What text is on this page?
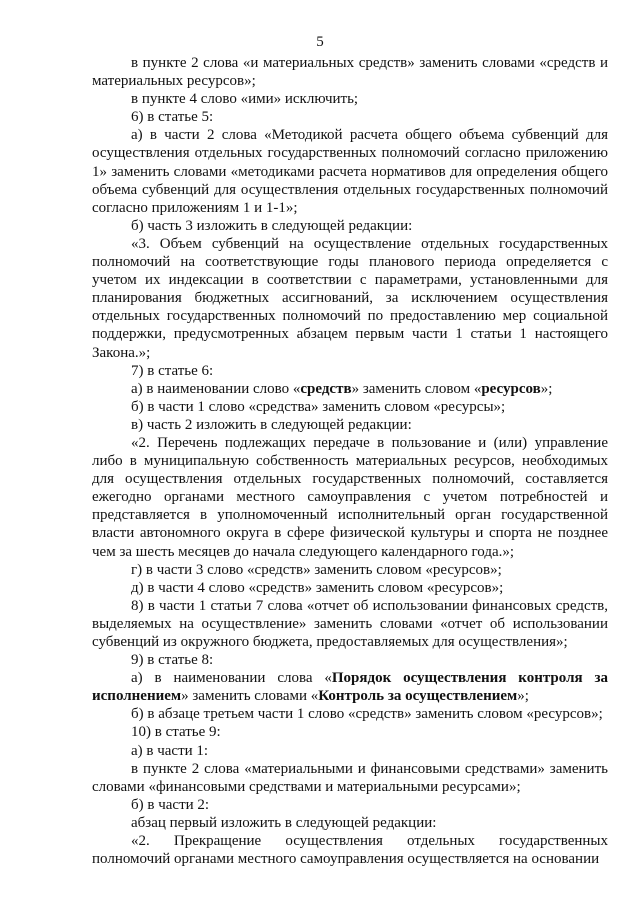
5

в пункте 2 слова «и материальных средств» заменить словами «средств и материальных ресурсов»;

в пункте 4 слово «ими» исключить;

6) в статье 5:

а) в части 2 слова «Методикой расчета общего объема субвенций для осуществления отдельных государственных полномочий согласно приложению 1» заменить словами «методиками расчета нормативов для определения общего объема субвенций для осуществления отдельных государственных полномочий согласно приложениям 1 и 1-1»;

б) часть 3 изложить в следующей редакции:

«3. Объем субвенций на осуществление отдельных государственных полномочий на соответствующие годы планового периода определяется с учетом их индексации в соответствии с параметрами, установленными для планирования бюджетных ассигнований, за исключением осуществления отдельных государственных полномочий по предоставлению мер социальной поддержки, предусмотренных абзацем первым части 1 статьи 1 настоящего Закона.»;

7) в статье 6:

а) в наименовании слово «средств» заменить словом «ресурсов»;

б) в части 1 слово «средства» заменить словом «ресурсы»;

в) часть 2 изложить в следующей редакции:

«2. Перечень подлежащих передаче в пользование и (или) управление либо в муниципальную собственность материальных ресурсов, необходимых для осуществления отдельных государственных полномочий, составляется ежегодно органами местного самоуправления с учетом потребностей и представляется в уполномоченный исполнительный орган государственной власти автономного округа в сфере физической культуры и спорта не позднее чем за шесть месяцев до начала следующего календарного года.»;

г) в части 3 слово «средств» заменить словом «ресурсов»;

д) в части 4 слово «средств» заменить словом «ресурсов»;

8) в части 1 статьи 7 слова «отчет об использовании финансовых средств, выделяемых на осуществление» заменить словами «отчет об использовании субвенций из окружного бюджета, предоставляемых для осуществления»;

9) в статье 8:

а) в наименовании слова «Порядок осуществления контроля за исполнением» заменить словами «Контроль за осуществлением»;

б) в абзаце третьем части 1 слово «средств» заменить словом «ресурсов»;

10) в статье 9:

а) в части 1:

в пункте 2 слова «материальными и финансовыми средствами» заменить словами «финансовыми средствами и материальными ресурсами»;

б) в части 2:

абзац первый изложить в следующей редакции:

«2. Прекращение осуществления отдельных государственных полномочий органами местного самоуправления осуществляется на основании
